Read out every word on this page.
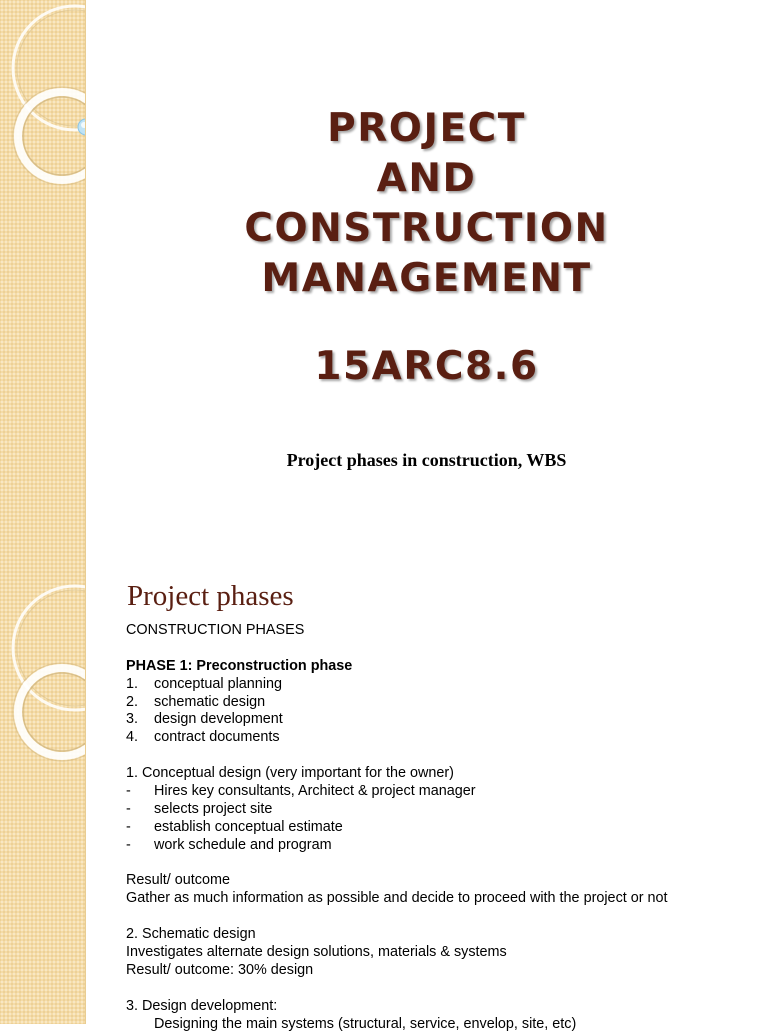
PROJECT
AND
CONSTRUCTION
MANAGEMENT
15ARC8.6
Project phases in construction, WBS
Project phases
CONSTRUCTION PHASES
PHASE 1: Preconstruction phase
1. conceptual planning
2. schematic design
3. design development
4. contract documents
1. Conceptual design (very important for the owner)
- Hires key consultants, Architect & project manager
- selects project site
- establish conceptual estimate
- work schedule and program
Result/ outcome
Gather as much information as possible and decide to proceed with the project or not
2. Schematic design
Investigates alternate design solutions, materials & systems
Result/ outcome: 30% design
3. Design development:
Designing the main systems (structural, service, envelop, site, etc)
